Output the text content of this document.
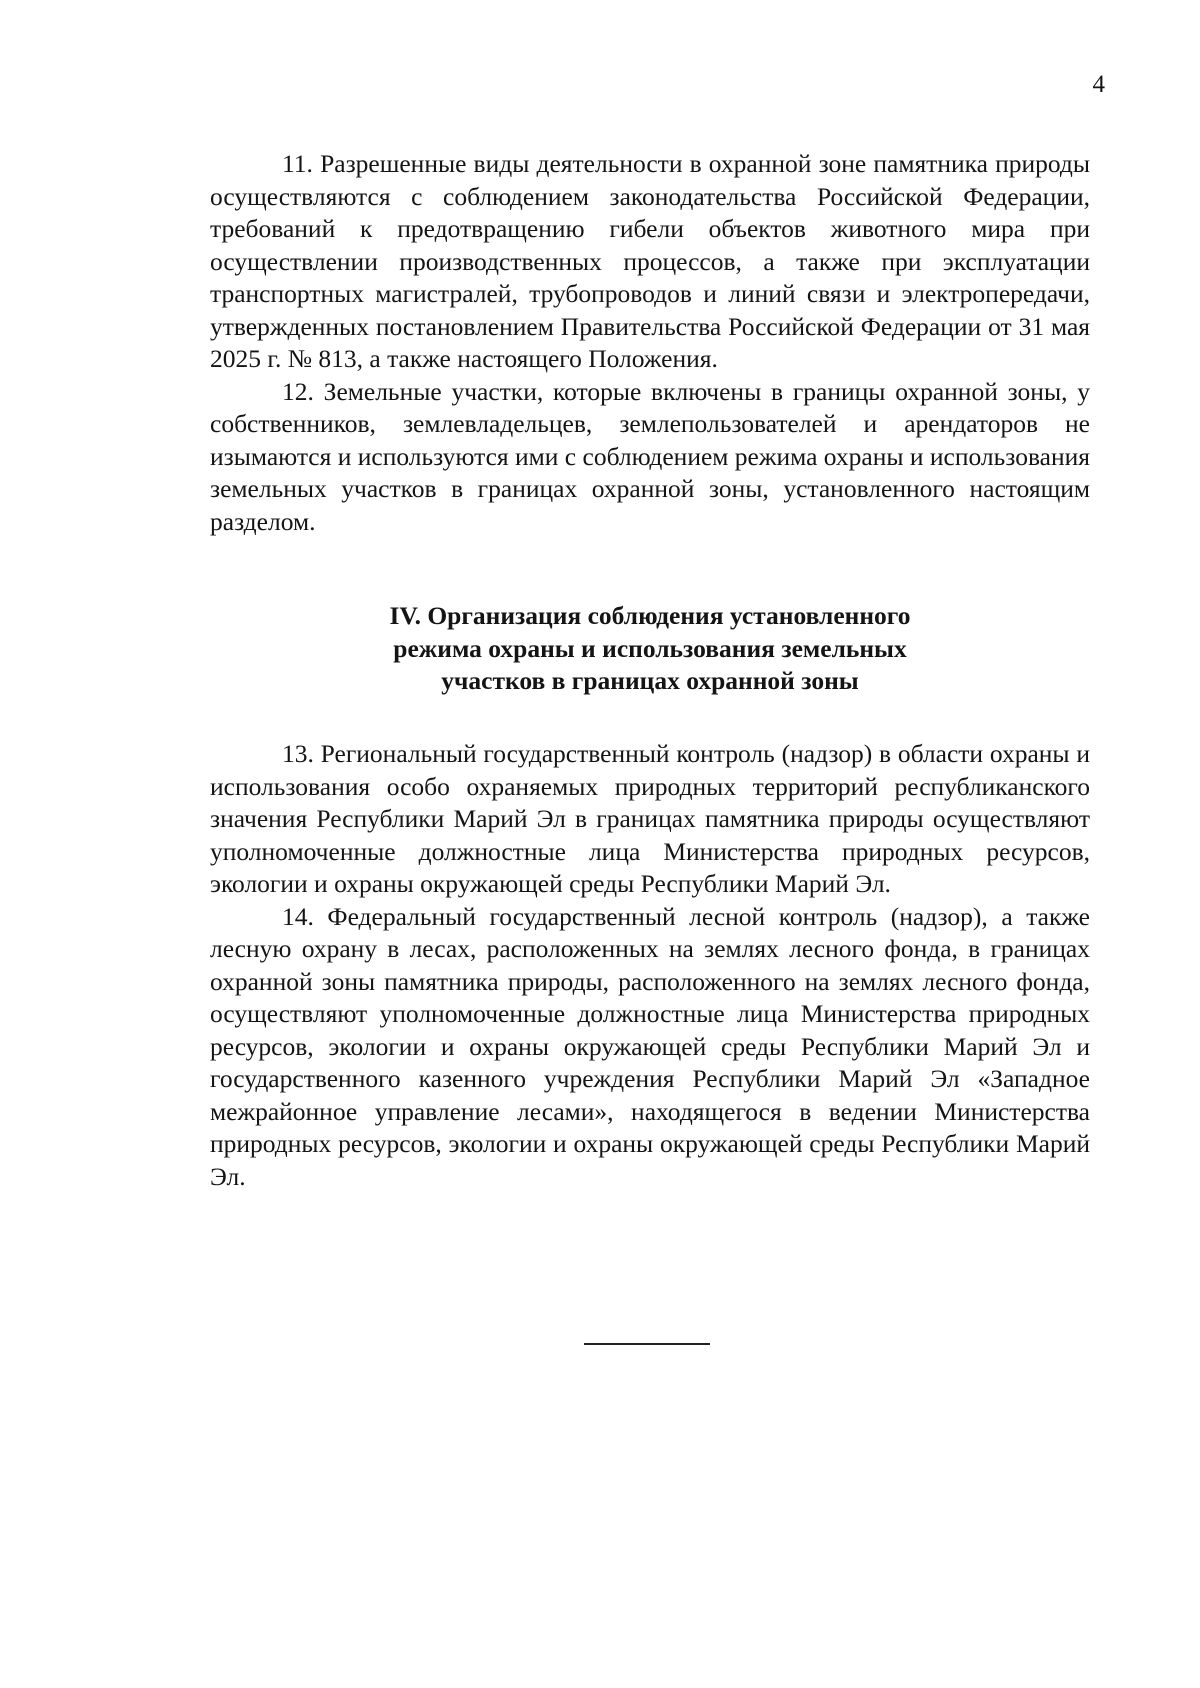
4

11. Разрешенные виды деятельности в охранной зоне памятника природы осуществляются с соблюдением законодательства Российской Федерации, требований к предотвращению гибели объектов животного мира при осуществлении производственных процессов, а также при эксплуатации транспортных магистралей, трубопроводов и линий связи и электропередачи, утвержденных постановлением Правительства Российской Федерации от 31 мая 2025 г. № 813, а также настоящего Положения.

12. Земельные участки, которые включены в границы охранной зоны, у собственников, землевладельцев, землепользователей и арендаторов не изымаются и используются ими с соблюдением режима охраны и использования земельных участков в границах охранной зоны, установленного настоящим разделом.

IV. Организация соблюдения установленного
режима охраны и использования земельных
участков в границах охранной зоны

13. Региональный государственный контроль (надзор) в области охраны и использования особо охраняемых природных территорий республиканского значения Республики Марий Эл в границах памятника природы осуществляют уполномоченные должностные лица Министерства природных ресурсов, экологии и охраны окружающей среды Республики Марий Эл.

14. Федеральный государственный лесной контроль (надзор), а также лесную охрану в лесах, расположенных на землях лесного фонда, в границах охранной зоны памятника природы, расположенного на землях лесного фонда, осуществляют уполномоченные должностные лица Министерства природных ресурсов, экологии и охраны окружающей среды Республики Марий Эл и государственного казенного учреждения Республики Марий Эл «Западное межрайонное управление лесами», находящегося в ведении Министерства природных ресурсов, экологии и охраны окружающей среды Республики Марий Эл.
